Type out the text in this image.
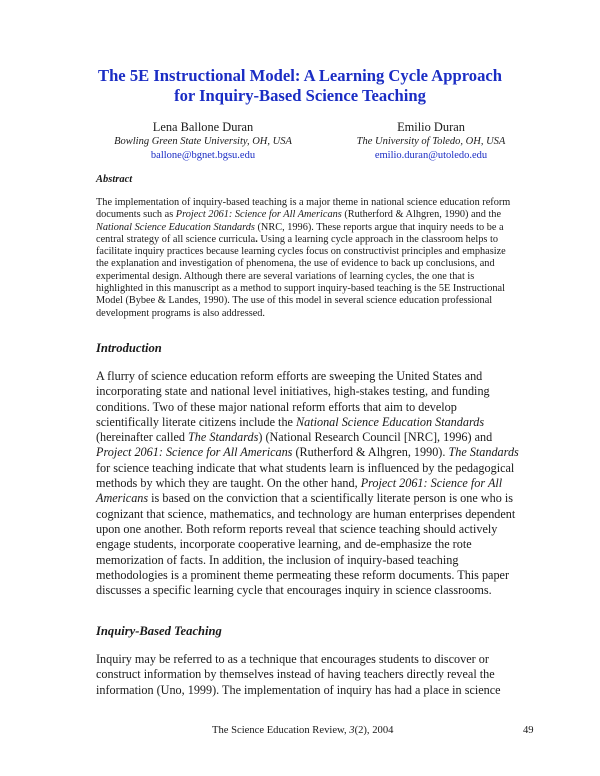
The 5E Instructional Model: A Learning Cycle Approach
for Inquiry-Based Science Teaching
Lena Ballone Duran
Bowling Green State University, OH, USA
ballone@bgnet.bgsu.edu
Emilio Duran
The University of Toledo, OH, USA
emilio.duran@utoledo.edu
Abstract
The implementation of inquiry-based teaching is a major theme in national science education reform documents such as Project 2061: Science for All Americans (Rutherford & Alhgren, 1990) and the National Science Education Standards (NRC, 1996). These reports argue that inquiry needs to be a central strategy of all science curricula. Using a learning cycle approach in the classroom helps to facilitate inquiry practices because learning cycles focus on constructivist principles and emphasize the explanation and investigation of phenomena, the use of evidence to back up conclusions, and experimental design. Although there are several variations of learning cycles, the one that is highlighted in this manuscript as a method to support inquiry-based teaching is the 5E Instructional Model (Bybee & Landes, 1990). The use of this model in several science education professional development programs is also addressed.
Introduction
A flurry of science education reform efforts are sweeping the United States and incorporating state and national level initiatives, high-stakes testing, and funding conditions. Two of these major national reform efforts that aim to develop scientifically literate citizens include the National Science Education Standards (hereinafter called The Standards) (National Research Council [NRC], 1996) and Project 2061: Science for All Americans (Rutherford & Alhgren, 1990). The Standards for science teaching indicate that what students learn is influenced by the pedagogical methods by which they are taught. On the other hand, Project 2061: Science for All Americans is based on the conviction that a scientifically literate person is one who is cognizant that science, mathematics, and technology are human enterprises dependent upon one another. Both reform reports reveal that science teaching should actively engage students, incorporate cooperative learning, and de-emphasize the rote memorization of facts. In addition, the inclusion of inquiry-based teaching methodologies is a prominent theme permeating these reform documents. This paper discusses a specific learning cycle that encourages inquiry in science classrooms.
Inquiry-Based Teaching
Inquiry may be referred to as a technique that encourages students to discover or construct information by themselves instead of having teachers directly reveal the information (Uno, 1999). The implementation of inquiry has had a place in science
The Science Education Review, 3(2), 2004	49
